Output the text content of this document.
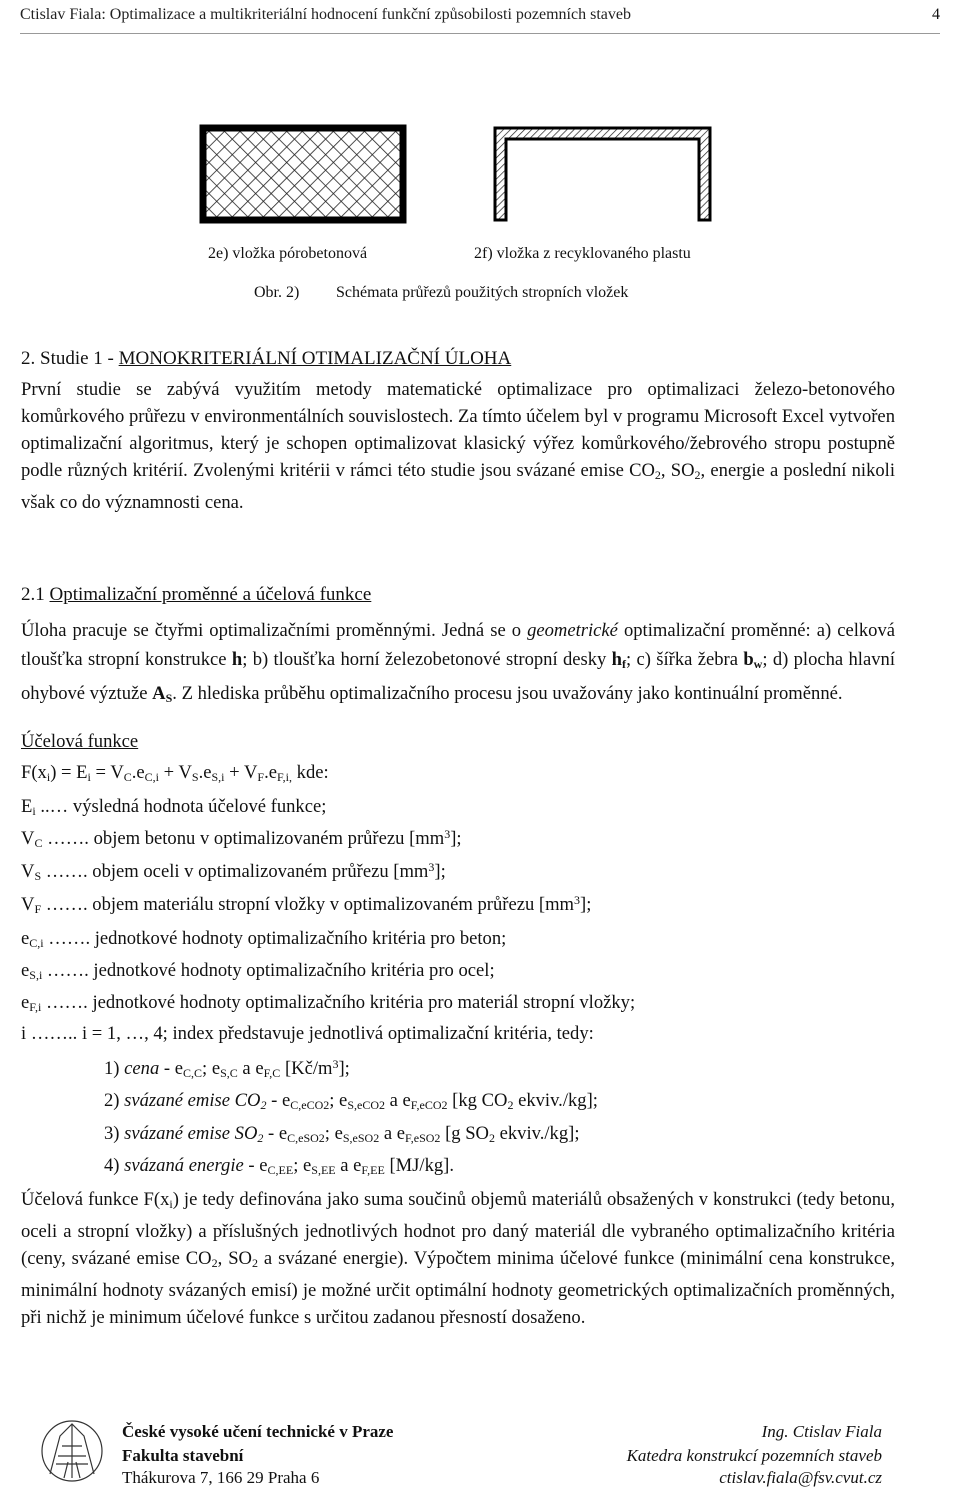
Ctislav Fiala: Optimalizace a multikriteriální hodnocení funkční způsobilosti pozemních staveb	4
2e) vložka pórobetonová	2f) vložka z recyklovaného plastu
Obr. 2) Schémata průřezů použitých stropních vložek
2. Studie 1 - MONOKRITERIÁLNÍ OTIMALIZAČNÍ ÚLOHA
První studie se zabývá využitím metody matematické optimalizace pro optimalizaci železo-betonového komůrkového průřezu v environmentálních souvislostech. Za tímto účelem byl v programu Microsoft Excel vytvořen optimalizační algoritmus, který je schopen optimalizovat klasický výřez komůrkového/žebrového stropu postupně podle různých kritérií. Zvolenými kritérii v rámci této studie jsou svázané emise $CO_2$, $SO_2$, energie a poslední nikoli však co do významnosti cena.
2.1 Optimalizační proměnné a účelová funkce
Úloha pracuje se čtyřmi optimalizačními proměnnými. Jedná se o geometrické optimalizační proměnné: a) celková tloušťka stropní konstrukce h; b) tloušťka horní železobetonové stropní desky $h_f$; c) šířka žebra $b_w$; d) plocha hlavní ohybové výztuže $A_S$. Z hlediska průběhu optimalizačního procesu jsou uvažovány jako kontinuální proměnné.
Účelová funkce
$F(x_i) = E_i = V_C.e_{C,i} + V_S.e_{S,i} + V_F.e_{F,i,}$ kde:
$E_i$ ..… výsledná hodnota účelové funkce;
$V_C$ ……. objem betonu v optimalizovaném průřezu $[mm^3]$;
$V_S$ ……. objem oceli v optimalizovaném průřezu $[mm^3]$;
$V_F$ ……. objem materiálu stropní vložky v optimalizovaném průřezu $[mm^3]$;
$e_{C,i}$ ……. jednotkové hodnoty optimalizačního kritéria pro beton;
$e_{S,i}$ ……. jednotkové hodnoty optimalizačního kritéria pro ocel;
$e_{F,i}$ ……. jednotkové hodnoty optimalizačního kritéria pro materiál stropní vložky;
i …….. i = 1, …, 4; index představuje jednotlivá optimalizační kritéria, tedy:
1) cena - $e_{C,C}$; $e_{S,C}$ a $e_{F,C}$ $[Kč/m^3]$;
2) svázané emise $CO_2 - e_{C,eCO2}$; $e_{S,eCO2}$ a $e_{F,eCO2}$ [kg $CO_2$ ekviv./kg];
3) svázané emise $SO_2 - e_{C,eSO2}$; $e_{S,eSO2}$ a $e_{F,eSO2}$ [g $SO_2$ ekviv./kg];
4) svázaná energie - $e_{C,EE}$; $e_{S,EE}$ a $e_{F,EE}$ [MJ/kg].
Účelová funkce $F(x_i)$ je tedy definována jako suma součinů objemů materiálů obsažených v konstrukci (tedy betonu, oceli a stropní vložky) a příslušných jednotlivých hodnot pro daný materiál dle vybraného optimalizačního kritéria (ceny, svázané emise $CO_2$, $SO_2$ a svázané energie). Výpočtem minima účelové funkce (minimální cena konstrukce, minimální hodnoty svázaných emisí) je možné určit optimální hodnoty geometrických optimalizačních proměnných, při nichž je minimum účelové funkce s určitou zadanou přesností dosaženo.
České vysoké učení technické v Praze
Fakulta stavební
Thákurova 7, 166 29 Praha 6
Ing. Ctislav Fiala
Katedra konstrukcí pozemních staveb
ctislav.fiala@fsv.cvut.cz
